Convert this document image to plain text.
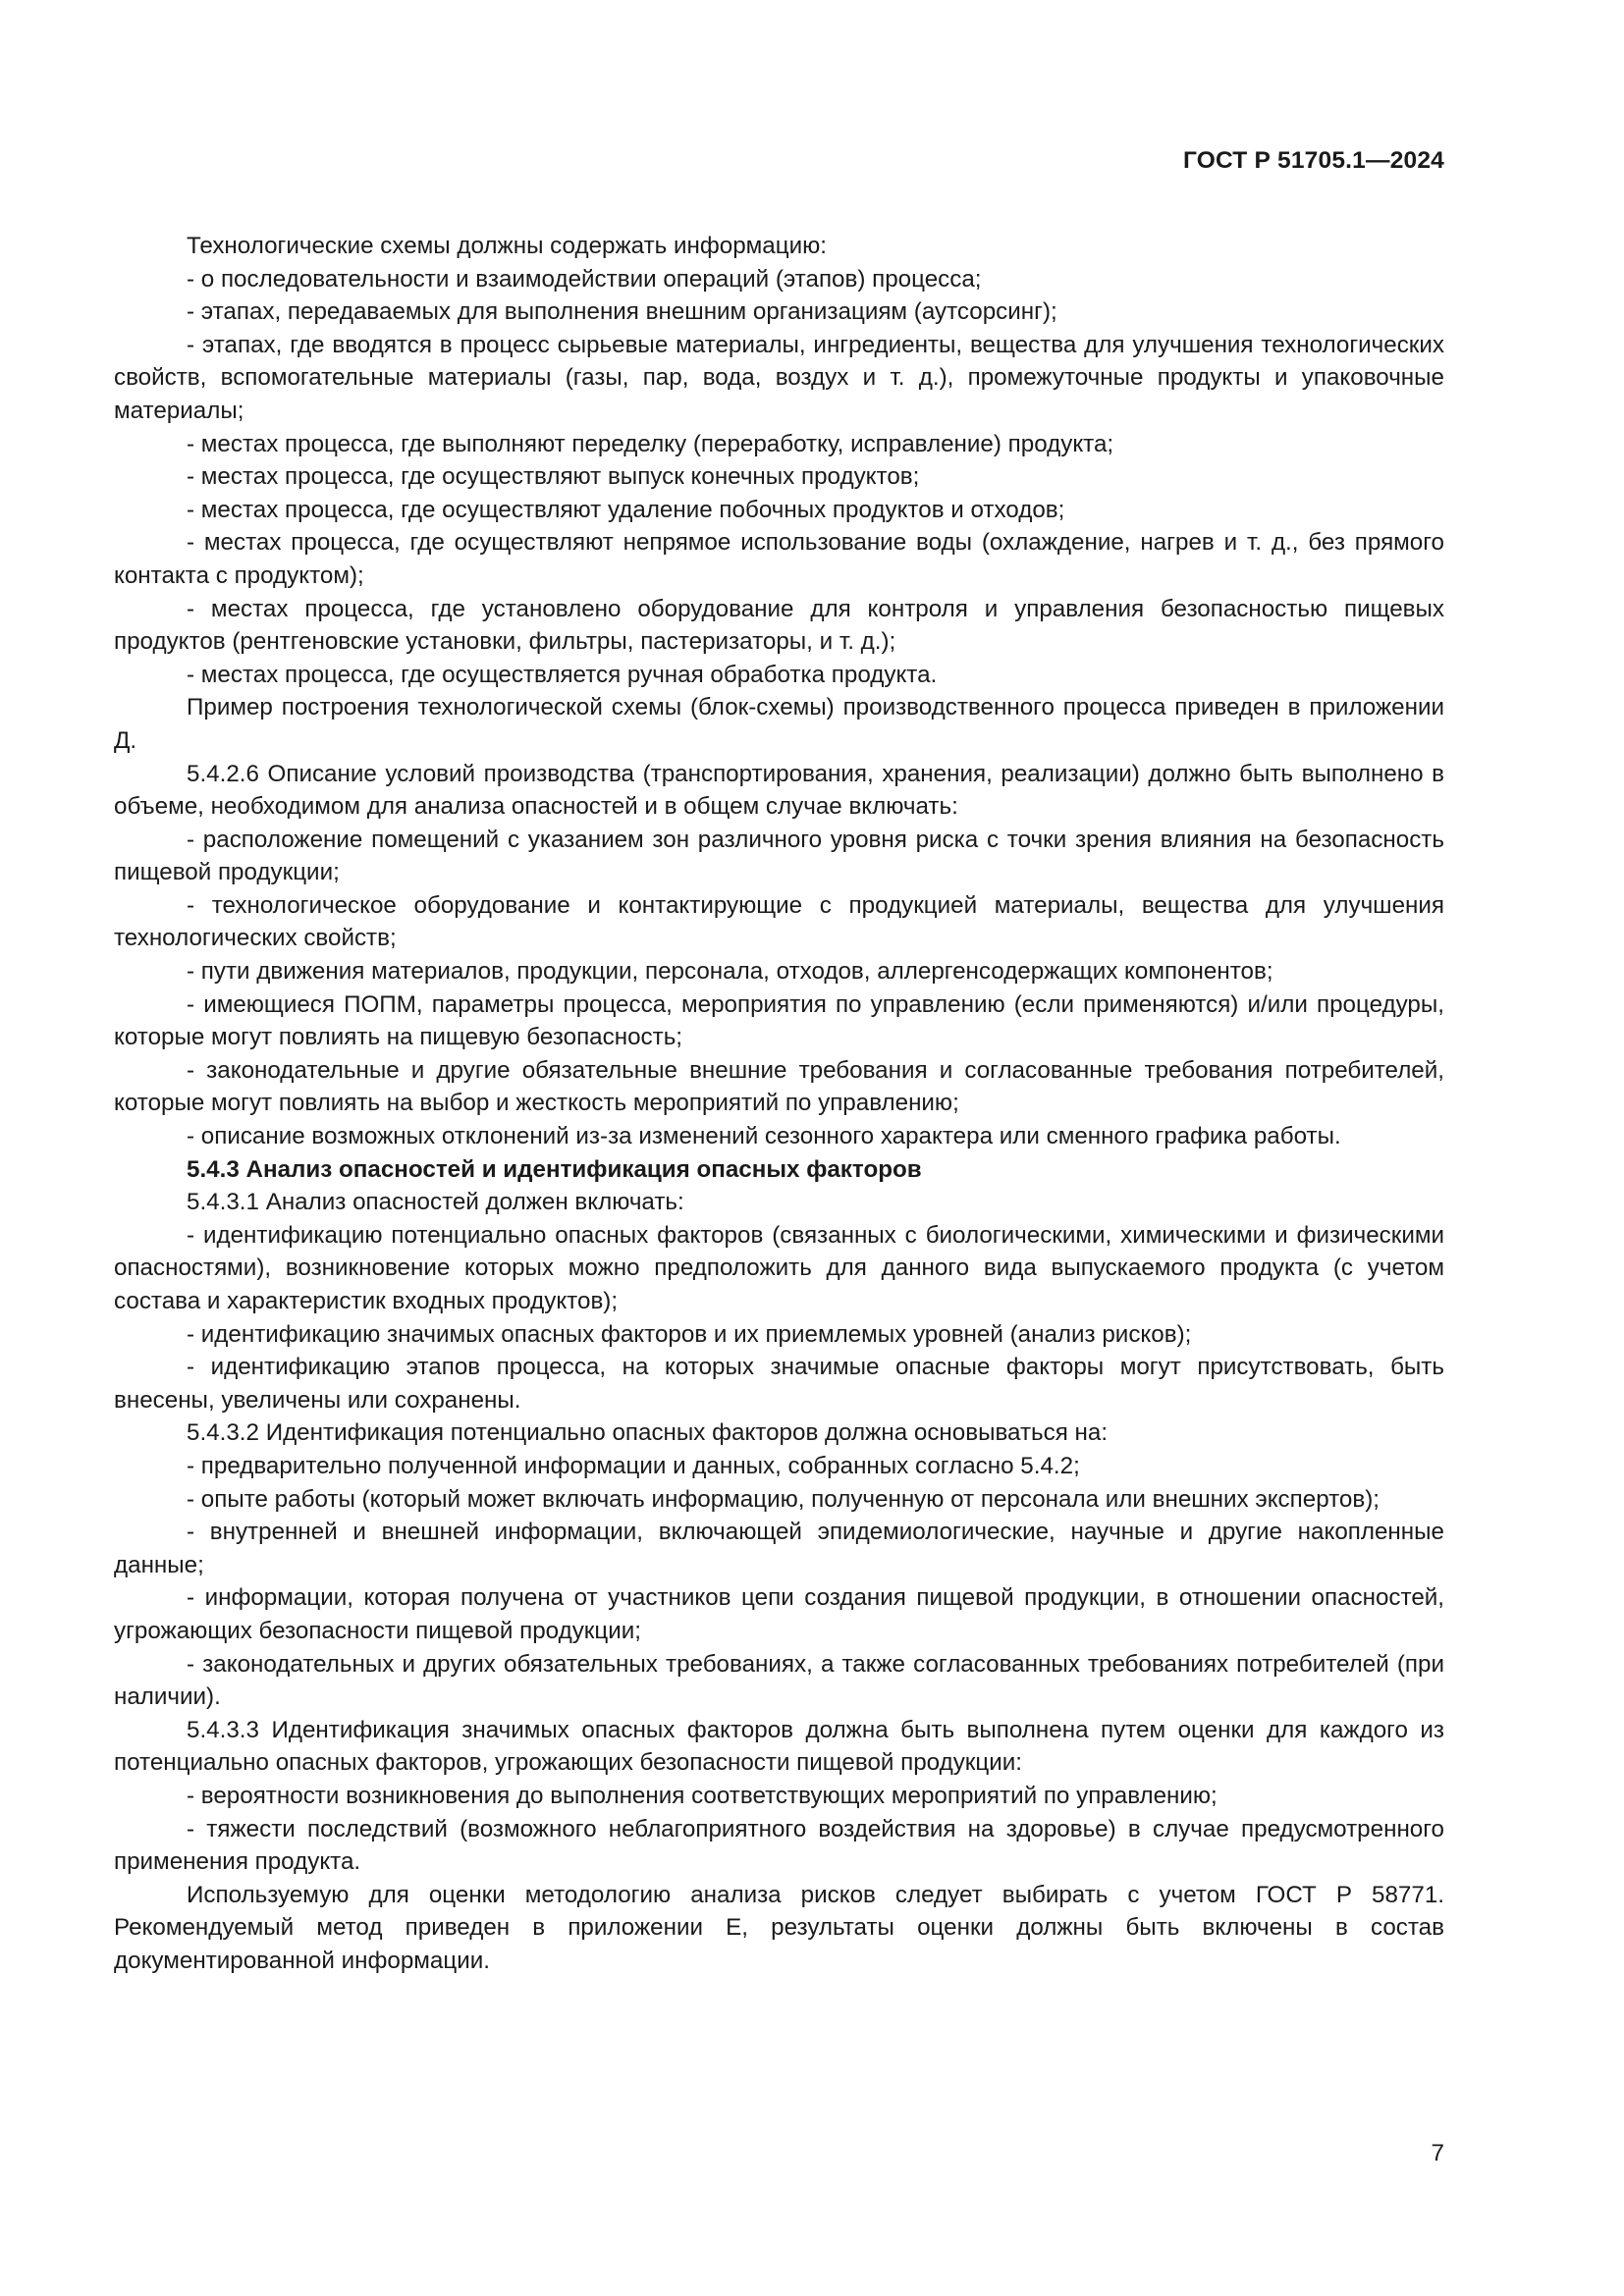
ГОСТ Р 51705.1—2024

Технологические схемы должны содержать информацию:

- о последовательности и взаимодействии операций (этапов) процесса;

- этапах, передаваемых для выполнения внешним организациям (аутсорсинг);

- этапах, где вводятся в процесс сырьевые материалы, ингредиенты, вещества для улучшения технологических свойств, вспомогательные материалы (газы, пар, вода, воздух и т. д.), промежуточные продукты и упаковочные материалы;

- местах процесса, где выполняют переделку (переработку, исправление) продукта;

- местах процесса, где осуществляют выпуск конечных продуктов;

- местах процесса, где осуществляют удаление побочных продуктов и отходов;

- местах процесса, где осуществляют непрямое использование воды (охлаждение, нагрев и т. д., без прямого контакта с продуктом);

- местах процесса, где установлено оборудование для контроля и управления безопасностью пищевых продуктов (рентгеновские установки, фильтры, пастеризаторы, и т. д.);

- местах процесса, где осуществляется ручная обработка продукта.

Пример построения технологической схемы (блок-схемы) производственного процесса приведен в приложении Д.

5.4.2.6 Описание условий производства (транспортирования, хранения, реализации) должно быть выполнено в объеме, необходимом для анализа опасностей и в общем случае включать:

- расположение помещений с указанием зон различного уровня риска с точки зрения влияния на безопасность пищевой продукции;

- технологическое оборудование и контактирующие с продукцией материалы, вещества для улучшения технологических свойств;

- пути движения материалов, продукции, персонала, отходов, аллергенсодержащих компонентов;

- имеющиеся ПОПМ, параметры процесса, мероприятия по управлению (если применяются) и/или процедуры, которые могут повлиять на пищевую безопасность;

- законодательные и другие обязательные внешние требования и согласованные требования потребителей, которые могут повлиять на выбор и жесткость мероприятий по управлению;

- описание возможных отклонений из-за изменений сезонного характера или сменного графика работы.

5.4.3 Анализ опасностей и идентификация опасных факторов

5.4.3.1 Анализ опасностей должен включать:

- идентификацию потенциально опасных факторов (связанных с биологическими, химическими и физическими опасностями), возникновение которых можно предположить для данного вида выпускаемого продукта (с учетом состава и характеристик входных продуктов);

- идентификацию значимых опасных факторов и их приемлемых уровней (анализ рисков);

- идентификацию этапов процесса, на которых значимые опасные факторы могут присутствовать, быть внесены, увеличены или сохранены.

5.4.3.2 Идентификация потенциально опасных факторов должна основываться на:

- предварительно полученной информации и данных, собранных согласно 5.4.2;

- опыте работы (который может включать информацию, полученную от персонала или внешних экспертов);

- внутренней и внешней информации, включающей эпидемиологические, научные и другие накопленные данные;

- информации, которая получена от участников цепи создания пищевой продукции, в отношении опасностей, угрожающих безопасности пищевой продукции;

- законодательных и других обязательных требованиях, а также согласованных требованиях потребителей (при наличии).

5.4.3.3 Идентификация значимых опасных факторов должна быть выполнена путем оценки для каждого из потенциально опасных факторов, угрожающих безопасности пищевой продукции:

- вероятности возникновения до выполнения соответствующих мероприятий по управлению;

- тяжести последствий (возможного неблагоприятного воздействия на здоровье) в случае предусмотренного применения продукта.

Используемую для оценки методологию анализа рисков следует выбирать с учетом ГОСТ Р 58771. Рекомендуемый метод приведен в приложении Е, результаты оценки должны быть включены в состав документированной информации.

7
